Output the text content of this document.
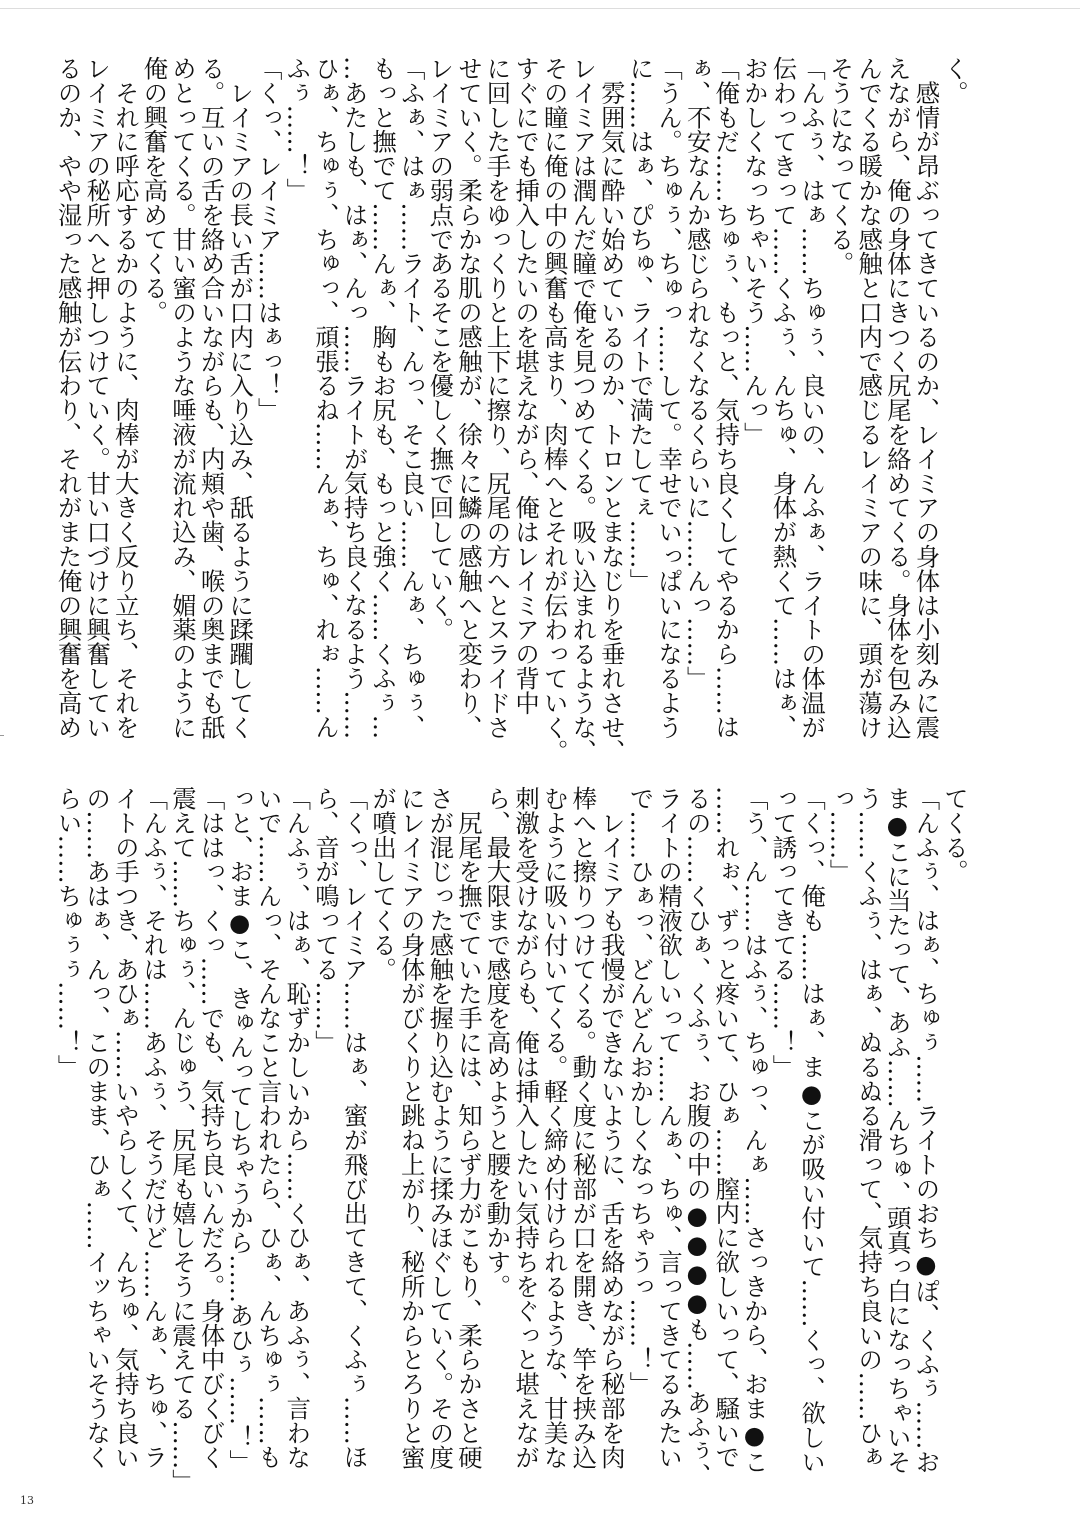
く。
　感情が昂ぶってきているのか、レイミアの身体は小刻みに震
えながら、俺の身体にきつく尻尾を絡めてくる。身体を包み込
んでくる暖かな感触と口内で感じるレイミアの味に、頭が蕩け
そうになってくる。
「んふぅ、はぁ……ちゅぅ、良いの、んふぁ、ライトの体温が
伝わってきって……くふぅ、んちゅ、身体が熱くて……はぁ、
おかしくなっちゃいそう……んっ」
「俺もだ……ちゅぅ、もっと、気持ち良くしてやるから……は
ぁ、不安なんか感じられなくなるくらいに……んっ……」
「うん。ちゅぅ、ちゅっ……して。幸せでいっぱいになるよう
に……はぁ、ぴちゅ、ライトで満たしてぇ……」
　雰囲気に酔い始めているのか、トロンとまなじりを垂れさせ、
レイミアは潤んだ瞳で俺を見つめてくる。吸い込まれるような、
その瞳に俺の中の興奮も高まり、肉棒へとそれが伝わっていく。
すぐにでも挿入したいのを堪えながら、俺はレイミアの背中
に回した手をゆっくりと上下に擦り、尻尾の方へとスライドさ
せていく。柔らかな肌の感触が、徐々に鱗の感触へと変わり、
レイミアの弱点であるそこを優しく撫で回していく。
「ふぁ、はぁ……ライト、んっ、そこ良い……んぁ、ちゅぅ、
もっと撫でて……んぁ、胸もお尻も、もっと強く……くふぅ…
…あたしも、はぁ、んっ……ライトが気持ち良くなるよう……
ひぁ、ちゅぅ、ちゅっ、頑張るね……んぁ、ちゅ、れぉ……ん
ふぅ……！」
「くっ、レイミア……はぁっ！」
　レイミアの長い舌が口内に入り込み、舐るように蹂躙してく
る。互いの舌を絡め合いながらも、内頬や歯、喉の奥までも舐
めとってくる。甘い蜜のような唾液が流れ込み、媚薬のように
俺の興奮を高めてくる。
　それに呼応するかのように、肉棒が大きく反り立ち、それを
レイミアの秘所へと押しつけていく。甘い口づけに興奮してい
るのか、やや湿った感触が伝わり、それがまた俺の興奮を高め
てくる。
「んふぅ、はぁ、ちゅぅ……ライトのおち●ぽ、くふぅ……お
ま●こに当たって、あふ……んちゅ、頭真っ白になっちゃいそ
う……くふぅ、はぁ、ぬるぬる滑って、気持ち良いの……ひぁ
っ……」
「くっ、俺も……はぁ、ま●こが吸い付いて……くっ、欲しい
って誘ってきてる……！」
「う、ん……はふぅ、ちゅっ、んぁ……さっきから、おま●こ
……れぉ、ずっと疼いて、ひぁ……膣内に欲しいって、騒いで
るの……くひぁ、くふぅ、お腹の中の●●●●も……あふぅ、
ライトの精液欲しいって……んぁ、ちゅ、言ってきてるみたい
で……ひぁっ、どんどんおかしくなっちゃうっ……！」
　レイミアも我慢ができないように、舌を絡めながら秘部を肉
棒へと擦りつけてくる。動く度に秘部が口を開き、竿を挟み込
むように吸い付いてくる。軽く締め付けられるような、甘美な
刺激を受けながらも、俺は挿入したい気持ちをぐっと堪えなが
ら、最大限まで感度を高めようと腰を動かす。
　尻尾を撫でていた手には、知らず力がこもり、柔らかさと硬
さが混じった感触を握り込むように揉みほぐしていく。その度
にレイミアの身体がびくりと跳ね上がり、秘所からとろりと蜜
が噴出してくる。
「くっ、レイミア……はぁ、蜜が飛び出てきて、くふぅ……ほ
ら、音が鳴ってる……」
「んふぅ、はぁ、恥ずかしいから……くひぁ、あふぅ、言わな
いで……んっ、そんなこと言われたら、ひぁ、んちゅぅ……も
っと、おま●こ、きゅんってしちゃうから……あひぅ……！」
「ははっ、くっ……でも、気持ち良いんだろ。身体中びくびく
震えて……ちゅぅ、んじゅう、尻尾も嬉しそうに震えてる……」
「んふぅ、それは……あふぅ、そうだけど……んぁ、ちゅ、ラ
イトの手つき、あひぁ……いやらしくて、んちゅ、気持ち良い
の……あはぁ、んっ、このまま、ひぁ……イッちゃいそうなく
らい……ちゅぅぅ……！」
13
